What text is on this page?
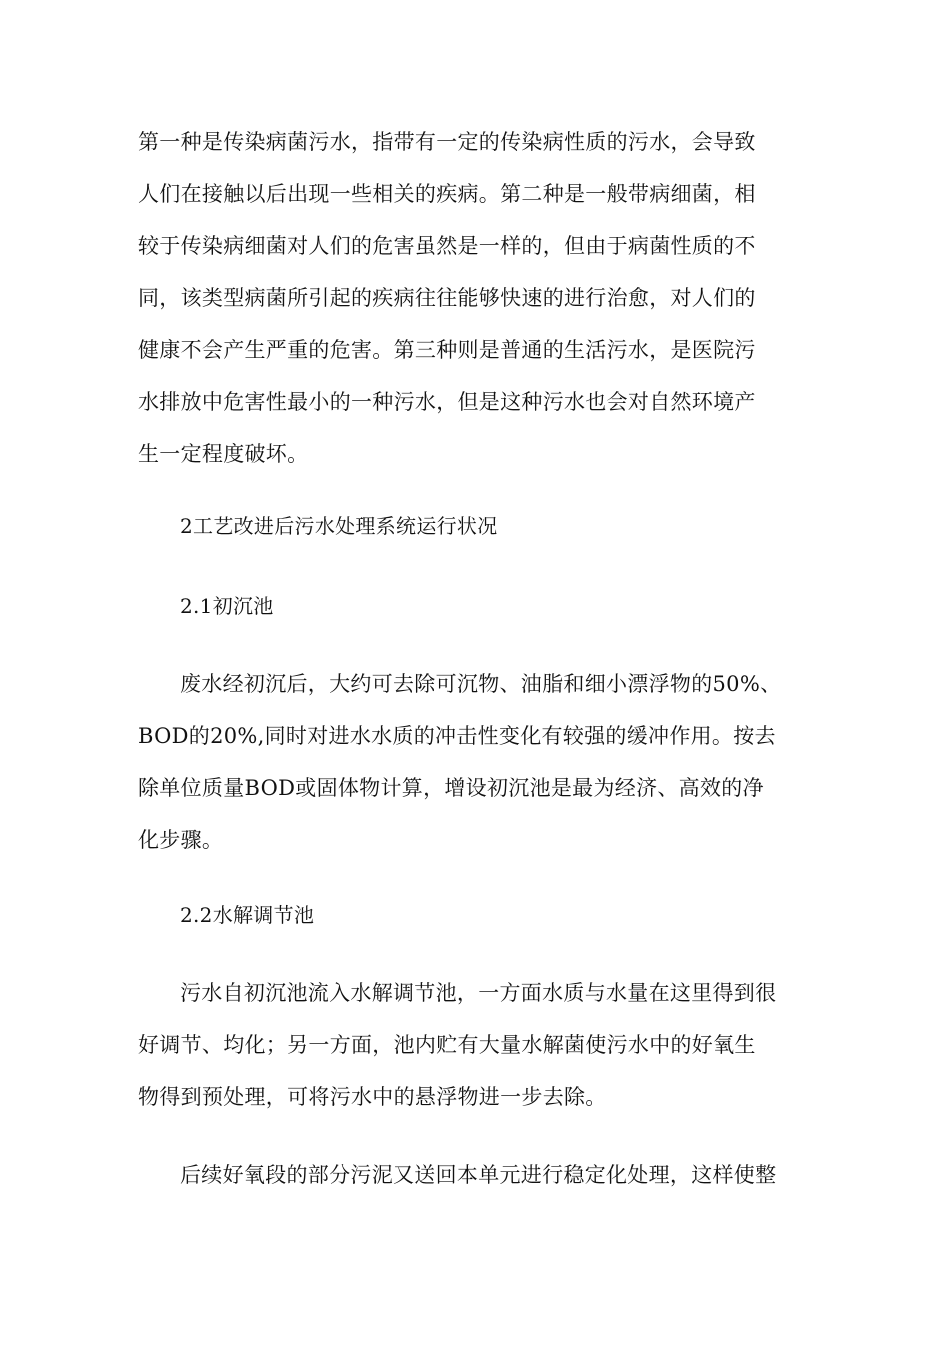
第一种是传染病菌污水，指带有一定的传染病性质的污水，会导致
人们在接触以后出现一些相关的疾病。第二种是一般带病细菌，相
较于传染病细菌对人们的危害虽然是一样的，但由于病菌性质的不
同，该类型病菌所引起的疾病往往能够快速的进行治愈，对人们的
健康不会产生严重的危害。第三种则是普通的生活污水，是医院污
水排放中危害性最小的一种污水，但是这种污水也会对自然环境产
生一定程度破坏。
2工艺改进后污水处理系统运行状况
2.1初沉池
废水经初沉后，大约可去除可沉物、油脂和细小漂浮物的50%、
BOD的20%,同时对进水水质的冲击性变化有较强的缓冲作用。按去
除单位质量BOD或固体物计算，增设初沉池是最为经济、高效的净
化步骤。
2.2水解调节池
污水自初沉池流入水解调节池，一方面水质与水量在这里得到很
好调节、均化；另一方面，池内贮有大量水解菌使污水中的好氧生
物得到预处理，可将污水中的悬浮物进一步去除。
后续好氧段的部分污泥又送回本单元进行稳定化处理，这样使整
